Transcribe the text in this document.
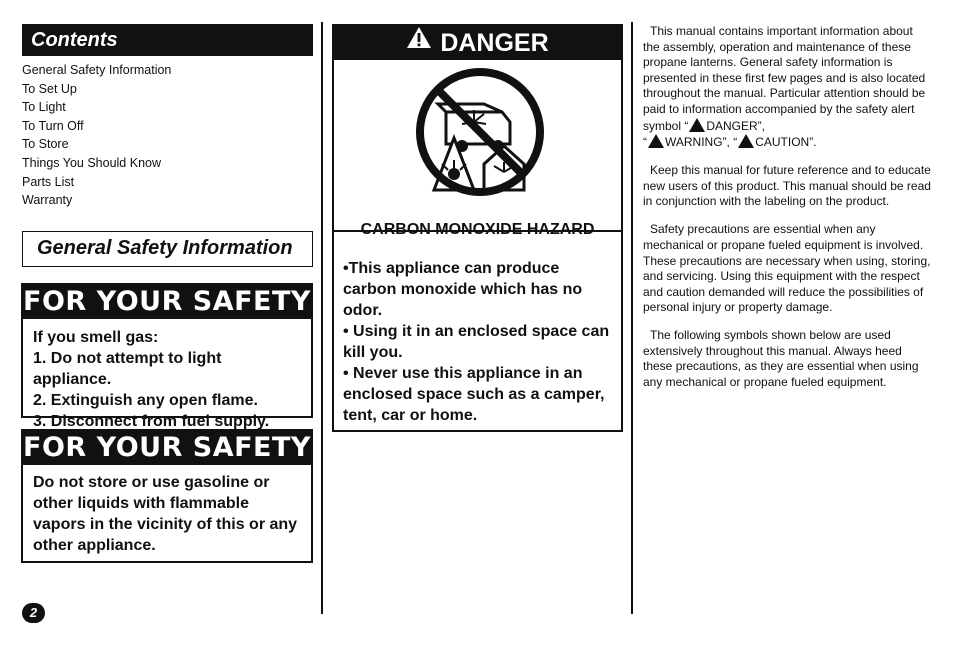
Contents
General Safety Information
To Set Up
To Light
To Turn Off
To Store
Things You Should Know
Parts List
Warranty
General Safety Information
FOR YOUR SAFETY
If you smell gas:
1. Do not attempt to light appliance.
2. Extinguish any open flame.
3. Disconnect from fuel supply.
FOR YOUR SAFETY
Do not store or use gasoline or other liquids with flammable vapors in the vicinity of this or any other appliance.
2
DANGER
CARBON MONOXIDE HAZARD
•This appliance can produce carbon monoxide which has no odor.
• Using it in an enclosed space can kill you.
• Never use this appliance in an enclosed space such as a camper, tent, car or home.

This manual contains important information about the assembly, operation and maintenance of these propane lanterns. General safety information is presented in these first few pages and is also located throughout the manual. Particular attention should be paid to information accompanied by the safety alert symbol “ ! DANGER”,
“ ! WARNING”, “ ! CAUTION”.

Keep this manual for future reference and to educate new users of this product. This manual should be read in conjunction with the labeling on the product.

Safety precautions are essential when any mechanical or propane fueled equipment is involved. These precautions are necessary when using, storing, and servicing. Using this equipment with the respect and caution demanded will reduce the possibilities of personal injury or property damage.

The following symbols shown below are used extensively throughout this manual. Always heed these precautions, as they are essential when using any mechanical or propane fueled equipment.
